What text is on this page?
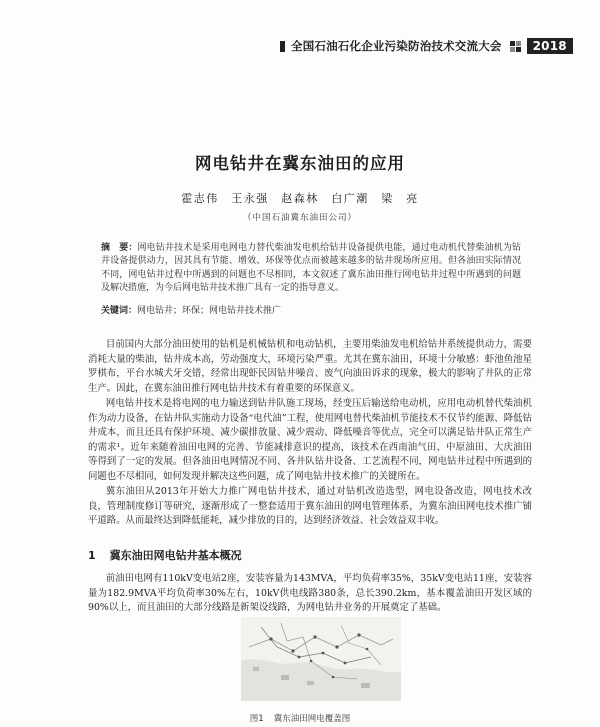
全国石油石化企业污染防治技术交流大会	2018
网电钻井在冀东油田的应用
霍志伟　王永强　赵森林　白广潮　梁　亮
（中国石油冀东油田公司）
摘　要：网电钻井技术是采用电网电力替代柴油发电机给钻井设备提供电能，通过电动机代替柴油机为钻井设备提供动力，因其具有节能、增效、环保等优点而被越来越多的钻井现场所应用。但各油田实际情况不同，网电钻井过程中所遇到的问题也不尽相同，本文叙述了冀东油田推行网电钻井过程中所遇到的问题及解决措施，为今后网电钻井技术推广具有一定的指导意义。
关键词：网电钻井；环保；网电钻井技术推广

目前国内大部分油田使用的钻机是机械钻机和电动钻机，主要用柴油发电机给钻井系统提供动力，需要消耗大量的柴油，钻井成本高，劳动强度大，环境污染严重。尤其在冀东油田，环境十分敏感：虾池鱼池星罗棋布，平台水城犬牙交错，经常出现虾民因钻井噪音、废气向油田诉求的现象，极大的影响了井队的正常生产。因此，在冀东油田推行网电钻井技术有着重要的环保意义。

网电钻井技术是将电网的电力输送到钻井队施工现场，经变压后输送给电动机，应用电动机替代柴油机作为动力设备，在钻井队实施动力设备“电代油”工程，使用网电替代柴油机节能技术不仅节约能源、降低钻井成本，而且还具有保护环境、减少碳排放量、减少震动、降低噪音等优点，完全可以满足钻井队正常生产的需求¹。近年来随着油田电网的完善、节能减排意识的提高，该技术在西南油气田、中原油田、大庆油田等得到了一定的发展。但各油田电网情况不同、各井队钻井设备、工艺流程不同，网电钻井过程中所遇到的问题也不尽相同，如何发现并解决这些问题，成了网电钻井技术推广的关键所在。

冀东油田从2013年开始大力推广网电钻井技术，通过对钻机改造选型，网电设备改造，网电技术改良，管理制度修订等研究，逐渐形成了一整套适用于冀东油田的网电管理体系，为冀东油田网电技术推广铺平道路。从而最终达到降低能耗，减少排放的目的，达到经济效益、社会效益双丰收。

1 冀东油田网电钻井基本概况

前油田电网有110kV变电站2座，安装容量为143MVA，平均负荷率35%，35kV变电站11座，安装容量为182.9MVA平均负荷率30%左右，10kV供电线路380条，总长390.2km，基本覆盖油田开发区域的90%以上，而且油田的大部分线路是新架设线路，为网电钻井业务的开展奠定了基础。

图1 冀东油田网电覆盖图
